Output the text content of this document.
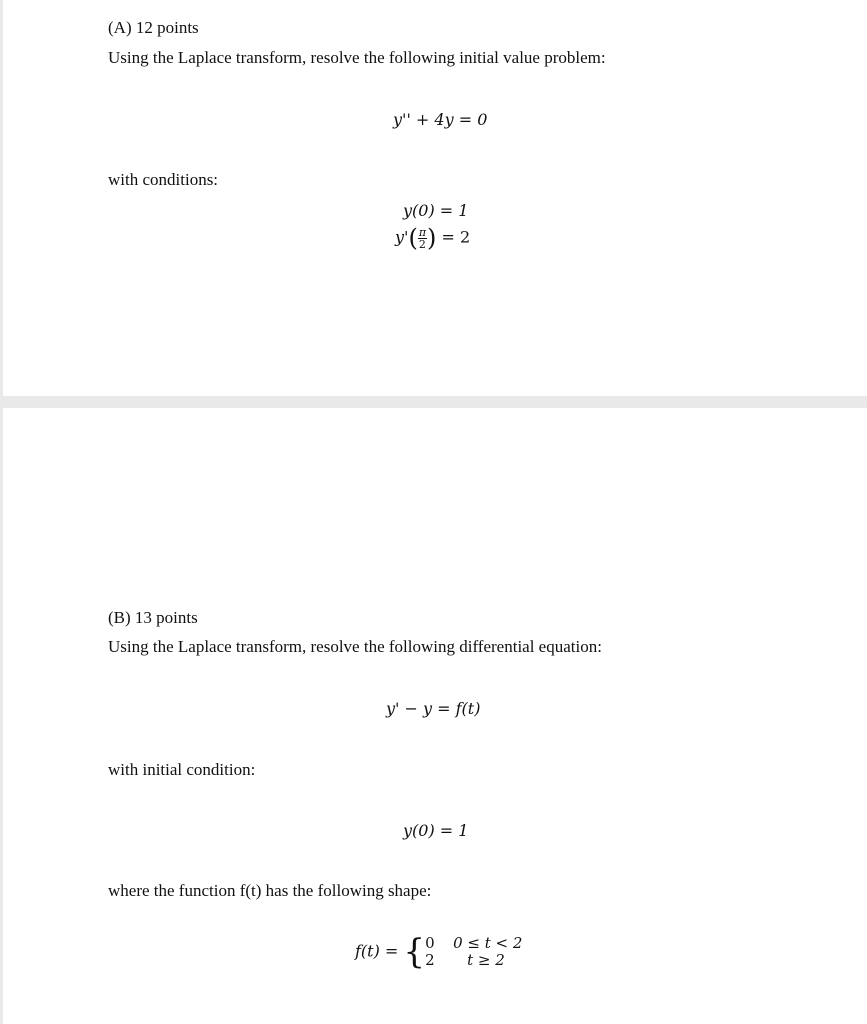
(A) 12 points
Using the Laplace transform, resolve the following initial value problem:
y'' + 4y = 0
with conditions:
y(0) = 1
$y'( \frac{\pi}{2}$ ) = 2
(B) 13 points
Using the Laplace transform, resolve the following differential equation:
y' − y = f(t)
with initial condition:
y(0) = 1
where the function f(t) has the following shape:
f(t) = { 0 0 ≤ t < 2
2 t ≥ 2
